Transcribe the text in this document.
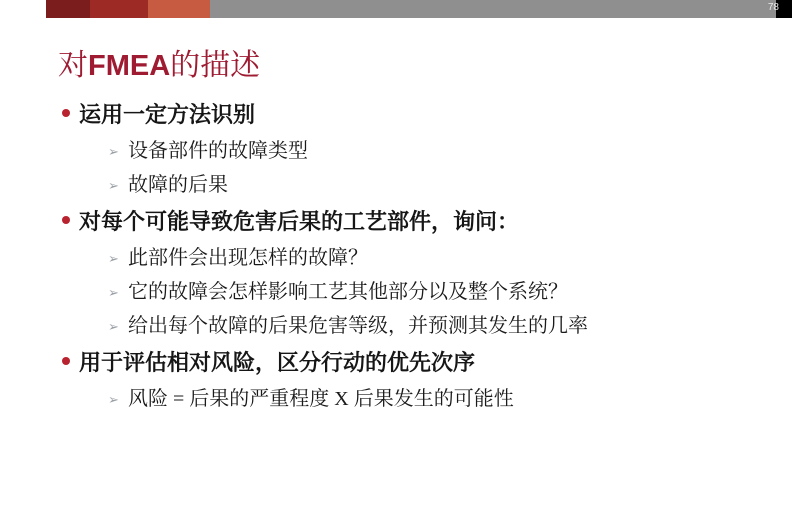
78
对FMEA的描述
运用一定方法识别
➢ 设备部件的故障类型
➢ 故障的后果
对每个可能导致危害后果的工艺部件，询问：
➢ 此部件会出现怎样的故障？
➢ 它的故障会怎样影响工艺其他部分以及整个系统？
➢ 给出每个故障的后果危害等级，并预测其发生的几率
用于评估相对风险，区分行动的优先次序
➢ 风险 = 后果的严重程度 X 后果发生的可能性
